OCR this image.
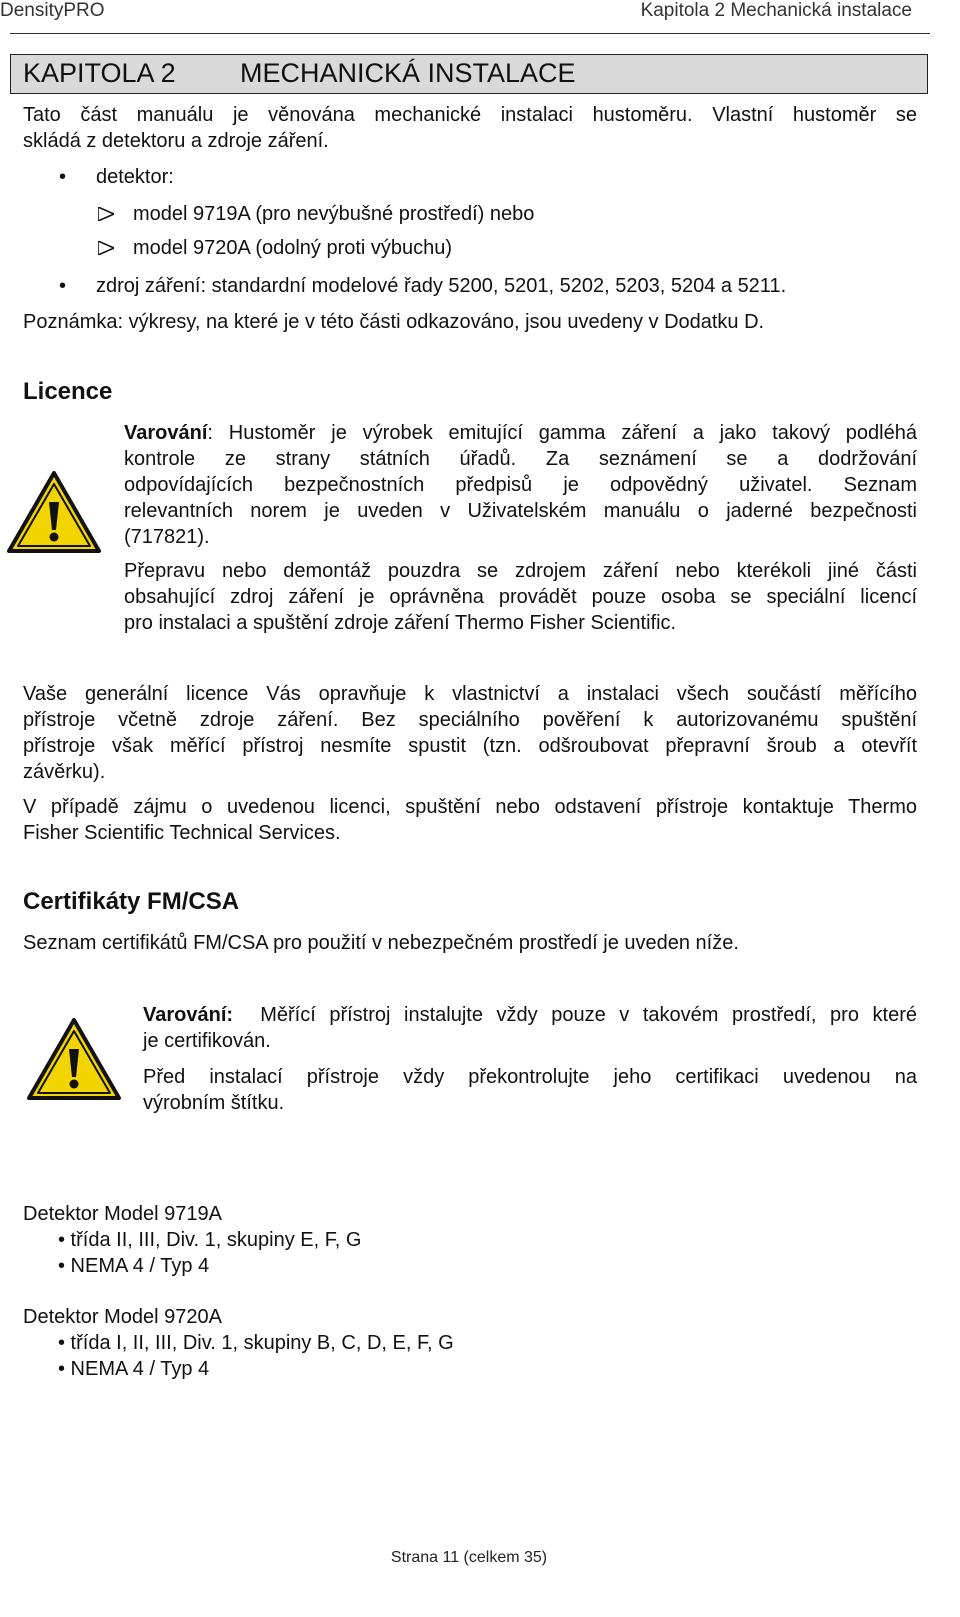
DensityPRO	Kapitola 2 Mechanická instalace
KAPITOLA 2 MECHANICKÁ INSTALACE
Tato část manuálu je věnována mechanické instalaci hustoměru. Vlastní hustoměr se
skládá z detektoru a zdroje záření.
• detektor:
model 9719A (pro nevýbušné prostředí) nebo
model 9720A (odolný proti výbuchu)
• zdroj záření: standardní modelové řady 5200, 5201, 5202, 5203, 5204 a 5211.
Poznámka: výkresy, na které je v této části odkazováno, jsou uvedeny v Dodatku D.
Licence
Varování: Hustoměr je výrobek emitující gamma záření a jako takový podléhá
kontrole ze strany státních úřadů. Za seznámení se a dodržování
odpovídajících bezpečnostních předpisů je odpovědný uživatel. Seznam
relevantních norem je uveden v Uživatelském manuálu o jaderné bezpečnosti
(717821).
Přepravu nebo demontáž pouzdra se zdrojem záření nebo kterékoli jiné části
obsahující zdroj záření je oprávněna provádět pouze osoba se speciální licencí
pro instalaci a spuštění zdroje záření Thermo Fisher Scientific.
Vaše generální licence Vás opravňuje k vlastnictví a instalaci všech součástí měřícího
přístroje včetně zdroje záření. Bez speciálního pověření k autorizovanému spuštění
přístroje však měřící přístroj nesmíte spustit (tzn. odšroubovat přepravní šroub a otevřít
závěrku).
V případě zájmu o uvedenou licenci, spuštění nebo odstavení přístroje kontaktuje Thermo
Fisher Scientific Technical Services.
Certifikáty FM/CSA
Seznam certifikátů FM/CSA pro použití v nebezpečném prostředí je uveden níže.
Varování:  Měřící přístroj instalujte vždy pouze v takovém prostředí, pro které
je certifikován.
Před instalací přístroje vždy překontrolujte jeho certifikaci uvedenou na
výrobním štítku.
Detektor Model 9719A
• třída II, III, Div. 1, skupiny E, F, G
• NEMA 4 / Typ 4
Detektor Model 9720A
• třída I, II, III, Div. 1, skupiny B, C, D, E, F, G
• NEMA 4 / Typ 4
Strana 11 (celkem 35)
